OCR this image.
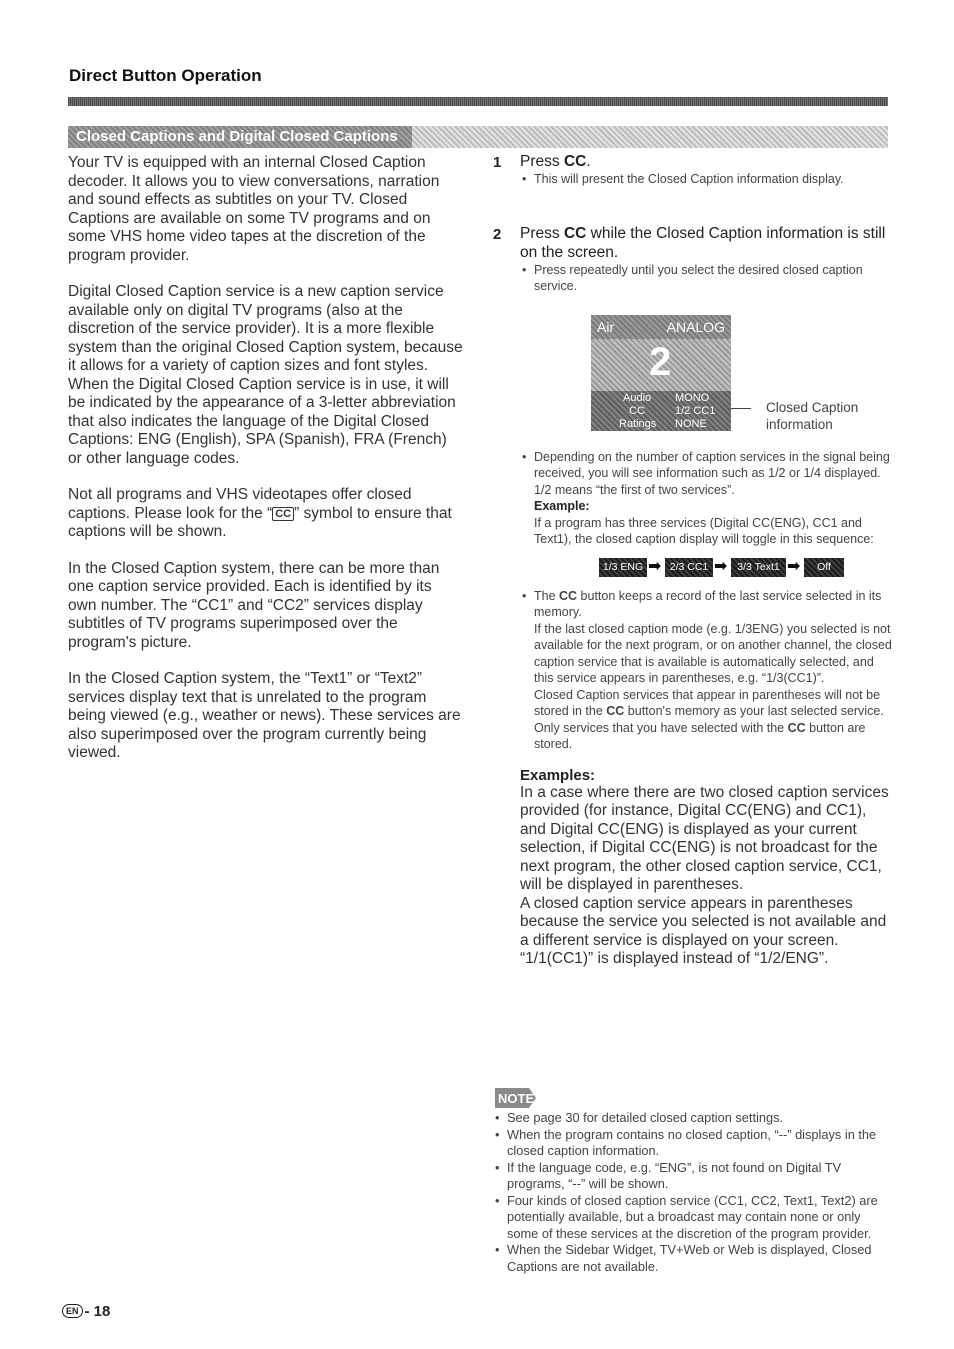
Direct Button Operation
Closed Captions and Digital Closed Captions

Your TV is equipped with an internal Closed Caption decoder. It allows you to view conversations, narration and sound effects as subtitles on your TV. Closed Captions are available on some TV programs and on some VHS home video tapes at the discretion of the program provider.

Digital Closed Caption service is a new caption service available only on digital TV programs (also at the discretion of the service provider). It is a more flexible system than the original Closed Caption system, because it allows for a variety of caption sizes and font styles. When the Digital Closed Caption service is in use, it will be indicated by the appearance of a 3-letter abbreviation that also indicates the language of the Digital Closed Captions: ENG (English), SPA (Spanish), FRA (French) or other language codes.

Not all programs and VHS videotapes offer closed captions. Please look for the “ CC ” symbol to ensure that captions will be shown.

In the Closed Caption system, there can be more than one caption service provided. Each is identified by its own number. The “CC1” and “CC2” services display subtitles of TV programs superimposed over the program's picture.

In the Closed Caption system, the “Text1” or “Text2” services display text that is unrelated to the program being viewed (e.g., weather or news). These services are also superimposed over the program currently being viewed.

1 Press CC.
• This will present the Closed Caption information display.
2 Press CC while the Closed Caption information is still on the screen.
• Press repeatedly until you select the desired closed caption service.
Air	ANALOG
2
Audio MONO
CC	1/2 CC1
Ratings NONE
Closed Caption information
• Depending on the number of caption services in the signal being received, you will see information such as 1/2 or 1/4 displayed.
1/2 means “the first of two services”.
Example:
If a program has three services (Digital CC(ENG), CC1 and Text1), the closed caption display will toggle in this sequence:
1/3 ENG ➡ 2/3 CC1 ➡ 3/3 Text1 ➡	Off
• The CC button keeps a record of the last service selected in its memory.
If the last closed caption mode (e.g. 1/3ENG) you selected is not available for the next program, or on another channel, the closed caption service that is available is automatically selected, and this service appears in parentheses, e.g. “1/3(CC1)”.
Closed Caption services that appear in parentheses will not be stored in the CC button's memory as your last selected service. Only services that you have selected with the CC button are stored.
Examples:
In a case where there are two closed caption services provided (for instance, Digital CC(ENG) and CC1), and Digital CC(ENG) is displayed as your current selection, if Digital CC(ENG) is not broadcast for the next program, the other closed caption service, CC1, will be displayed in parentheses.
A closed caption service appears in parentheses because the service you selected is not available and a different service is displayed on your screen. “1/1(CC1)” is displayed instead of “1/2/ENG”.
NOTE
• See page 30 for detailed closed caption settings.
• When the program contains no closed caption, “--” displays in the closed caption information.
• If the language code, e.g. “ENG”, is not found on Digital TV programs, “--” will be shown.
• Four kinds of closed caption service (CC1, CC2, Text1, Text2) are potentially available, but a broadcast may contain none or only some of these services at the discretion of the program provider.
• When the Sidebar Widget, TV+Web or Web is displayed, Closed Captions are not available.
EN - 18
